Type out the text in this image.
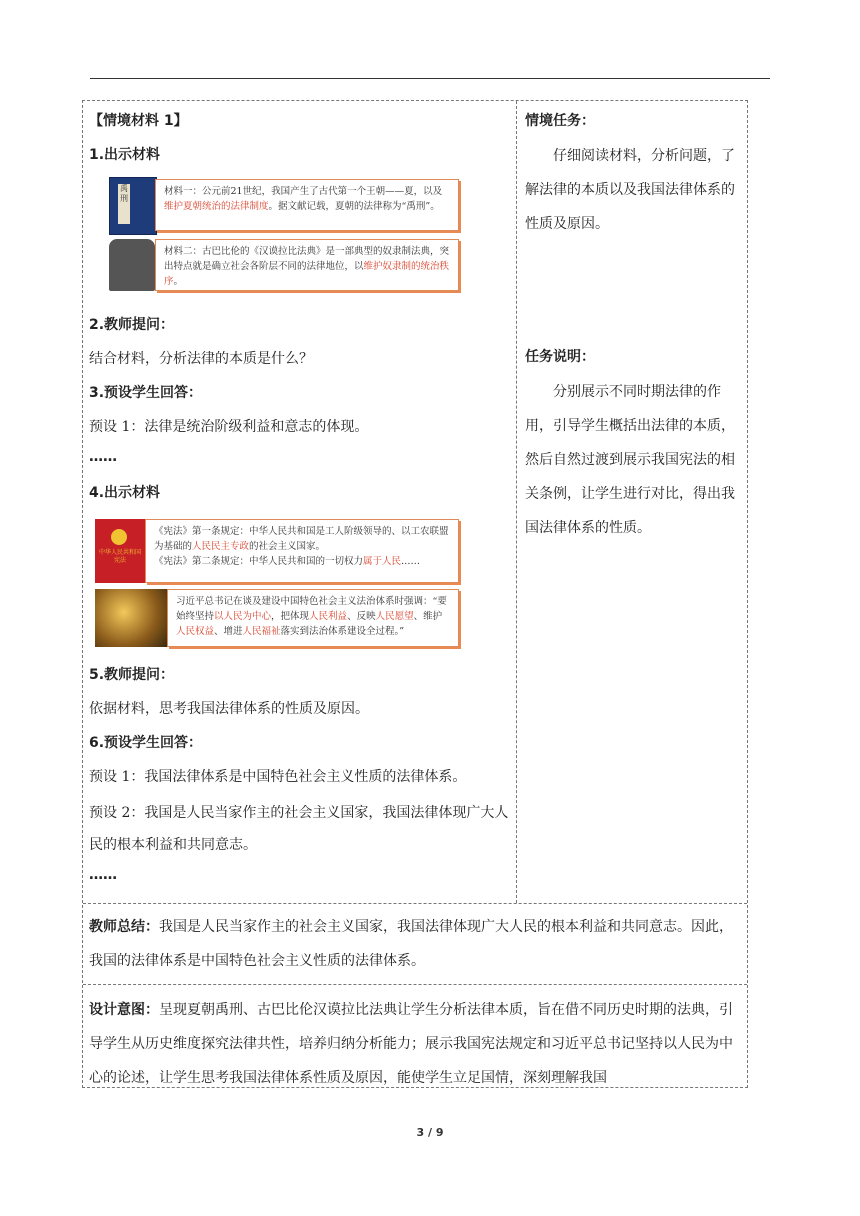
【情境材料 1】

1.出示材料

禹刑
材料一：公元前21世纪，我国产生了古代第一个王朝——夏，以及维护夏朝统治的法律制度。据文献记载，夏朝的法律称为“禹刑”。
材料二：古巴比伦的《汉谟拉比法典》是一部典型的奴隶制法典，突出特点就是确立社会各阶层不同的法律地位，以维护奴隶制的统治秩序。

2.教师提问：

结合材料，分析法律的本质是什么？

3.预设学生回答：

预设 1：法律是统治阶级利益和意志的体现。

……

4.出示材料

中华人民共和国宪法
《宪法》第一条规定：中华人民共和国是工人阶级领导的、以工农联盟为基础的人民民主专政的社会主义国家。
《宪法》第二条规定：中华人民共和国的一切权力属于人民……
习近平总书记在谈及建设中国特色社会主义法治体系时强调：“要始终坚持以人民为中心，把体现人民利益、反映人民愿望、维护人民权益、增进人民福祉落实到法治体系建设全过程。”

5.教师提问：

依据材料，思考我国法律体系的性质及原因。

6.预设学生回答：

预设 1：我国法律体系是中国特色社会主义性质的法律体系。

预设 2：我国是人民当家作主的社会主义国家，我国法律体现广大人民的根本利益和共同意志。

……

情境任务：

仔细阅读材料，分析问题，了解法律的本质以及我国法律体系的性质及原因。

任务说明：

分别展示不同时期法律的作用，引导学生概括出法律的本质，然后自然过渡到展示我国宪法的相关条例，让学生进行对比，得出我国法律体系的性质。

教师总结：我国是人民当家作主的社会主义国家，我国法律体现广大人民的根本利益和共同意志。因此，我国的法律体系是中国特色社会主义性质的法律体系。

设计意图：呈现夏朝禹刑、古巴比伦汉谟拉比法典让学生分析法律本质，旨在借不同历史时期的法典，引导学生从历史维度探究法律共性，培养归纳分析能力；展示我国宪法规定和习近平总书记坚持以人民为中心的论述，让学生思考我国法律体系性质及原因，能使学生立足国情，深刻理解我国

3 / 9
